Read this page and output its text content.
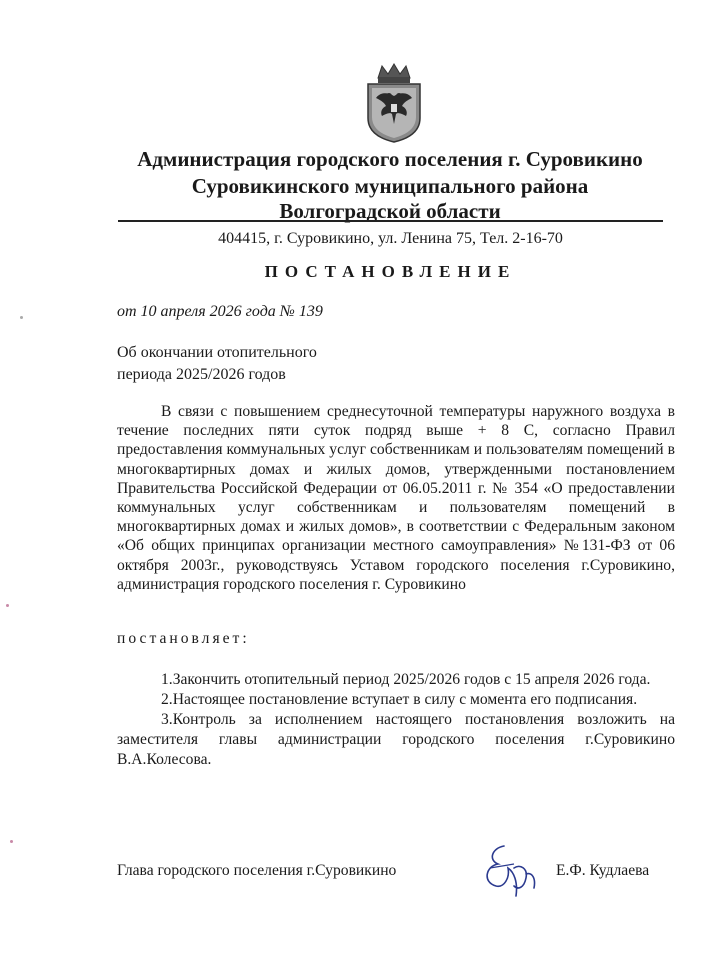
Администрация городского поселения г. Суровикино
Суровикинского муниципального района
Волгоградской области
404415, г. Суровикино, ул. Ленина 75, Тел. 2-16-70
ПОСТАНОВЛЕНИЕ
от 10 апреля 2026 года № 139
Об окончании отопительного
периода 2025/2026 годов

В связи с повышением среднесуточной температуры наружного воздуха в течение последних пяти суток подряд выше + 8 С, согласно Правил предоставления коммунальных услуг собственникам и пользователям помещений в многоквартирных домах и жилых домов, утвержденными постановлением Правительства Российской Федерации от 06.05.2011 г. № 354 «О предоставлении коммунальных услуг собственникам и пользователям помещений в многоквартирных домах и жилых домов», в соответствии с Федеральным законом «Об общих принципах организации местного самоуправления» №131-ФЗ от 06 октября 2003г., руководствуясь Уставом городского поселения г.Суровикино, администрация городского поселения г. Суровикино

постановляет:

1.Закончить отопительный период 2025/2026 годов с 15 апреля 2026 года.

2.Настоящее постановление вступает в силу с момента его подписания.

3.Контроль за исполнением настоящего постановления возложить на заместителя главы администрации городского поселения г.Суровикино В.А.Колесова.

Глава городского поселения г.Суровикино	Е.Ф. Кудлаева
